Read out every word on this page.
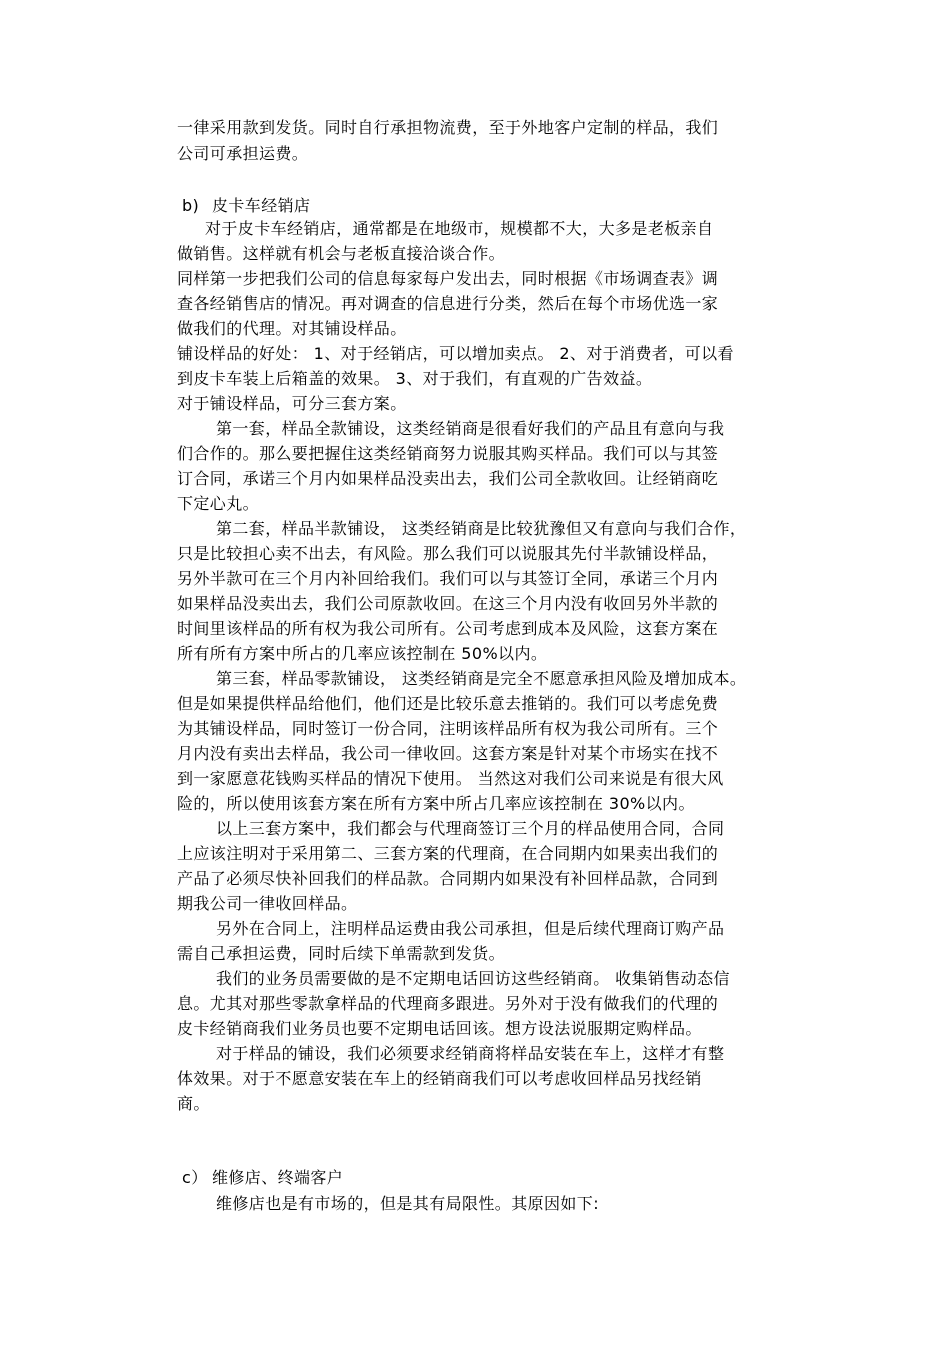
一律采用款到发货。同时自行承担物流费，至于外地客户定制的样品，我们
公司可承担运费。
b) 皮卡车经销店
对于皮卡车经销店，通常都是在地级市，规模都不大，大多是老板亲自
做销售。这样就有机会与老板直接洽谈合作。
同样第一步把我们公司的信息每家每户发出去，同时根据《市场调查表》调
查各经销售店的情况。再对调查的信息进行分类，然后在每个市场优选一家
做我们的代理。对其铺设样品。
铺设样品的好处： 1、对于经销店，可以增加卖点。 2、对于消费者，可以看
到皮卡车装上后箱盖的效果。 3、对于我们，有直观的广告效益。
对于铺设样品，可分三套方案。
第一套，样品全款铺设，这类经销商是很看好我们的产品且有意向与我
们合作的。那么要把握住这类经销商努力说服其购买样品。我们可以与其签
订合同，承诺三个月内如果样品没卖出去，我们公司全款收回。让经销商吃
下定心丸。
第二套，样品半款铺设， 这类经销商是比较犹豫但又有意向与我们合作，
只是比较担心卖不出去，有风险。那么我们可以说服其先付半款铺设样品，
另外半款可在三个月内补回给我们。我们可以与其签订全同，承诺三个月内
如果样品没卖出去，我们公司原款收回。在这三个月内没有收回另外半款的
时间里该样品的所有权为我公司所有。公司考虑到成本及风险，这套方案在
所有所有方案中所占的几率应该控制在 50%以内。
第三套，样品零款铺设， 这类经销商是完全不愿意承担风险及增加成本。
但是如果提供样品给他们，他们还是比较乐意去推销的。我们可以考虑免费
为其铺设样品，同时签订一份合同，注明该样品所有权为我公司所有。三个
月内没有卖出去样品，我公司一律收回。这套方案是针对某个市场实在找不
到一家愿意花钱购买样品的情况下使用。 当然这对我们公司来说是有很大风
险的，所以使用该套方案在所有方案中所占几率应该控制在 30%以内。
以上三套方案中，我们都会与代理商签订三个月的样品使用合同，合同
上应该注明对于采用第二、三套方案的代理商，在合同期内如果卖出我们的
产品了必须尽快补回我们的样品款。合同期内如果没有补回样品款，合同到
期我公司一律收回样品。
另外在合同上，注明样品运费由我公司承担，但是后续代理商订购产品
需自己承担运费，同时后续下单需款到发货。
我们的业务员需要做的是不定期电话回访这些经销商。 收集销售动态信
息。尤其对那些零款拿样品的代理商多跟进。另外对于没有做我们的代理的
皮卡经销商我们业务员也要不定期电话回该。想方设法说服期定购样品。
对于样品的铺设，我们必须要求经销商将样品安装在车上，这样才有整
体效果。对于不愿意安装在车上的经销商我们可以考虑收回样品另找经销
商。
c） 维修店、终端客户
维修店也是有市场的，但是其有局限性。其原因如下:
